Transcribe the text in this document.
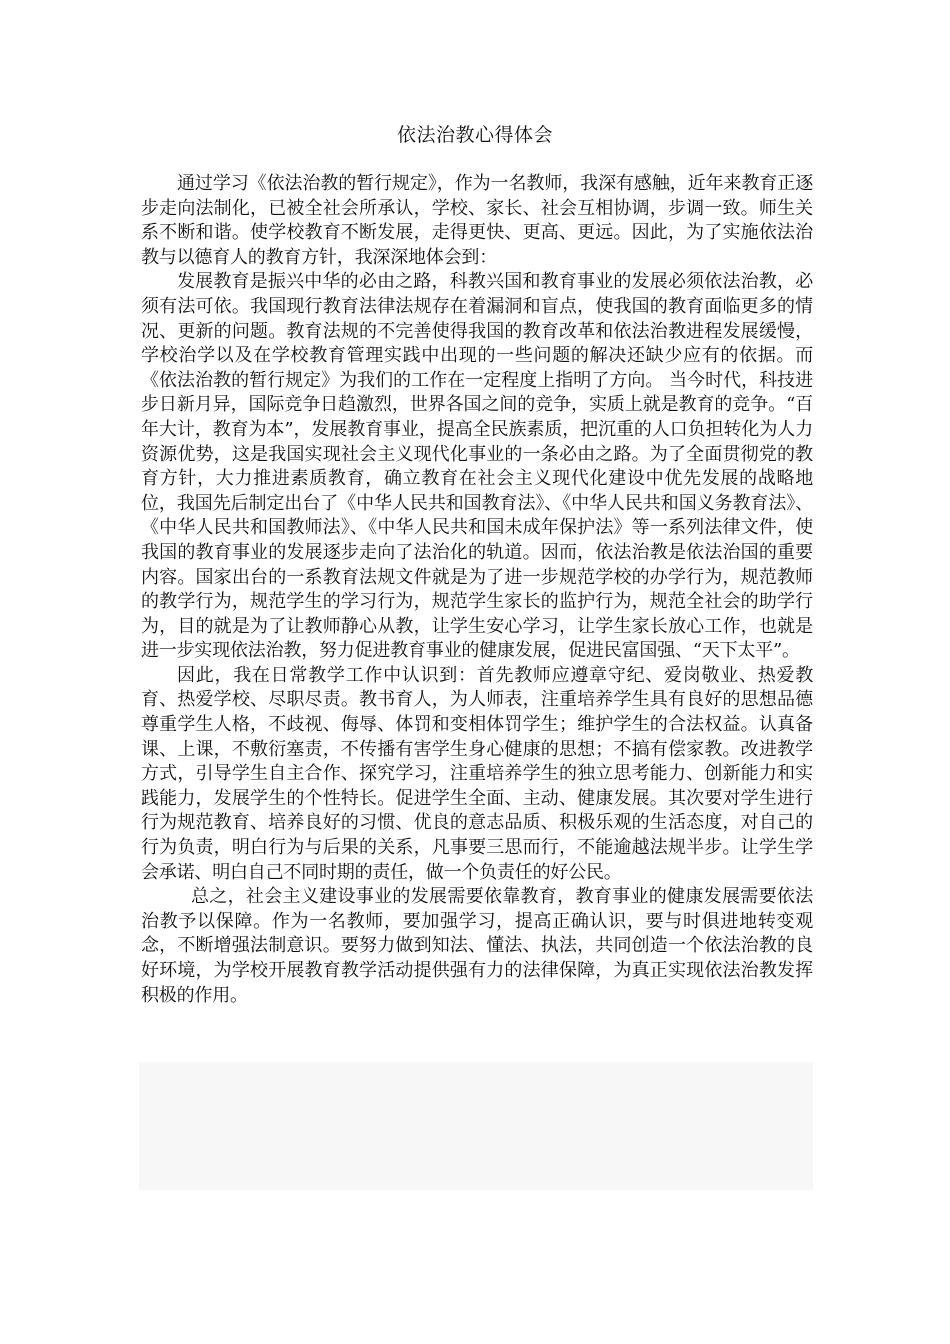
依法治教心得体会

通过学习《依法治教的暂行规定》，作为一名教师，我深有感触，近年来教育正逐步走向法制化，已被全社会所承认，学校、家长、社会互相协调，步调一致。师生关系不断和谐。使学校教育不断发展，走得更快、更高、更远。因此，为了实施依法治教与以德育人的教育方针，我深深地体会到：

发展教育是振兴中华的必由之路，科教兴国和教育事业的发展必须依法治教，必须有法可依。我国现行教育法律法规存在着漏洞和盲点，使我国的教育面临更多的情况、更新的问题。教育法规的不完善使得我国的教育改革和依法治教进程发展缓慢，学校治学以及在学校教育管理实践中出现的一些问题的解决还缺少应有的依据。而《依法治教的暂行规定》为我们的工作在一定程度上指明了方向。 当今时代，科技进步日新月异，国际竞争日趋激烈，世界各国之间的竞争，实质上就是教育的竞争。“百年大计，教育为本”，发展教育事业，提高全民族素质，把沉重的人口负担转化为人力资源优势，这是我国实现社会主义现代化事业的一条必由之路。为了全面贯彻党的教育方针，大力推进素质教育，确立教育在社会主义现代化建设中优先发展的战略地位，我国先后制定出台了《中华人民共和国教育法》、《中华人民共和国义务教育法》、《中华人民共和国教师法》、《中华人民共和国未成年保护法》等一系列法律文件，使我国的教育事业的发展逐步走向了法治化的轨道。因而，依法治教是依法治国的重要内容。国家出台的一系教育法规文件就是为了进一步规范学校的办学行为，规范教师的教学行为，规范学生的学习行为，规范学生家长的监护行为，规范全社会的助学行为，目的就是为了让教师静心从教，让学生安心学习，让学生家长放心工作，也就是进一步实现依法治教，努力促进教育事业的健康发展，促进民富国强、“天下太平”。

因此，我在日常教学工作中认识到：首先教师应遵章守纪、爱岗敬业、热爱教育、热爱学校、尽职尽责。教书育人，为人师表，注重培养学生具有良好的思想品德尊重学生人格，不歧视、侮辱、体罚和变相体罚学生；维护学生的合法权益。认真备课、上课，不敷衍塞责，不传播有害学生身心健康的思想；不搞有偿家教。改进教学方式，引导学生自主合作、探究学习，注重培养学生的独立思考能力、创新能力和实践能力，发展学生的个性特长。促进学生全面、主动、健康发展。其次要对学生进行行为规范教育、培养良好的习惯、优良的意志品质、积极乐观的生活态度，对自己的行为负责，明白行为与后果的关系，凡事要三思而行，不能逾越法规半步。让学生学会承诺、明白自己不同时期的责任，做一个负责任的好公民。

总之，社会主义建设事业的发展需要依靠教育，教育事业的健康发展需要依法治教予以保障。作为一名教师，要加强学习，提高正确认识，要与时俱进地转变观念，不断增强法制意识。要努力做到知法、懂法、执法，共同创造一个依法治教的良好环境，为学校开展教育教学活动提供强有力的法律保障，为真正实现依法治教发挥积极的作用。
